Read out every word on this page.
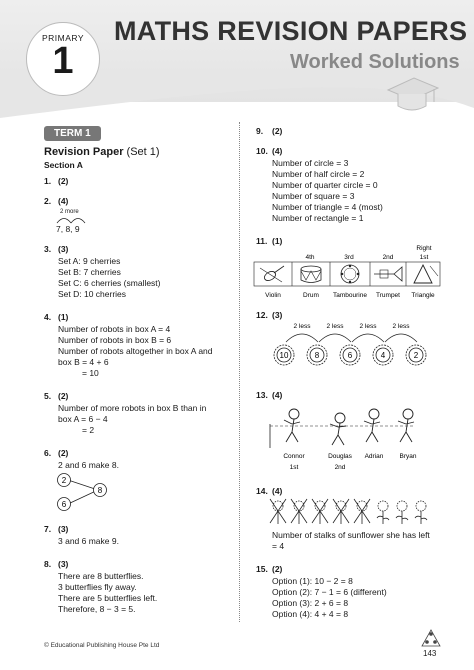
PRIMARY
1
MATHS REVISION PAPERS
Worked Solutions
TERM 1
Revision Paper (Set 1)
Section A
1. (2)
2. (4)
2 more
7, 8, 9
3. (3)
Set A: 9 cherries
Set B: 7 cherries
Set C: 6 cherries (smallest)
Set D: 10 cherries
4. (1)
Number of robots in box A = 4
Number of robots in box B = 6
Number of robots altogether in box A and
box B = 4 + 6
= 10
5. (2)
Number of more robots in box B than in
box A = 6 − 4
= 2
6. (2)
2 and 6 make 8.
2
6
8
7. (3)
3 and 6 make 9.
8. (3)
There are 8 butterflies.
3 butterflies fly away.
There are 5 butterflies left.
Therefore, 8 − 3 = 5.
9. (2)
10. (4)
Number of circle = 3
Number of half circle = 2
Number of quarter circle = 0
Number of square = 3
Number of triangle = 4 (most)
Number of rectangle = 1
11. (1)
Right
4th	3rd	2nd	1st
Violin	Drum Tambourine Trumpet Triangle
12. (3)
2 less 2 less 2 less 2 less
10	8	6	4	2
13. (4)
Connor	Douglas Adrian Bryan
1st	2nd
14. (4)
Number of stalks of sunflower she has left
= 4
15. (2)
Option (1): 10 − 2 = 8
Option (2): 7 − 1 = 6 (different)
Option (3): 2 + 6 = 8
Option (4): 4 + 4 = 8
© Educational Publishing House Pte Ltd
143
